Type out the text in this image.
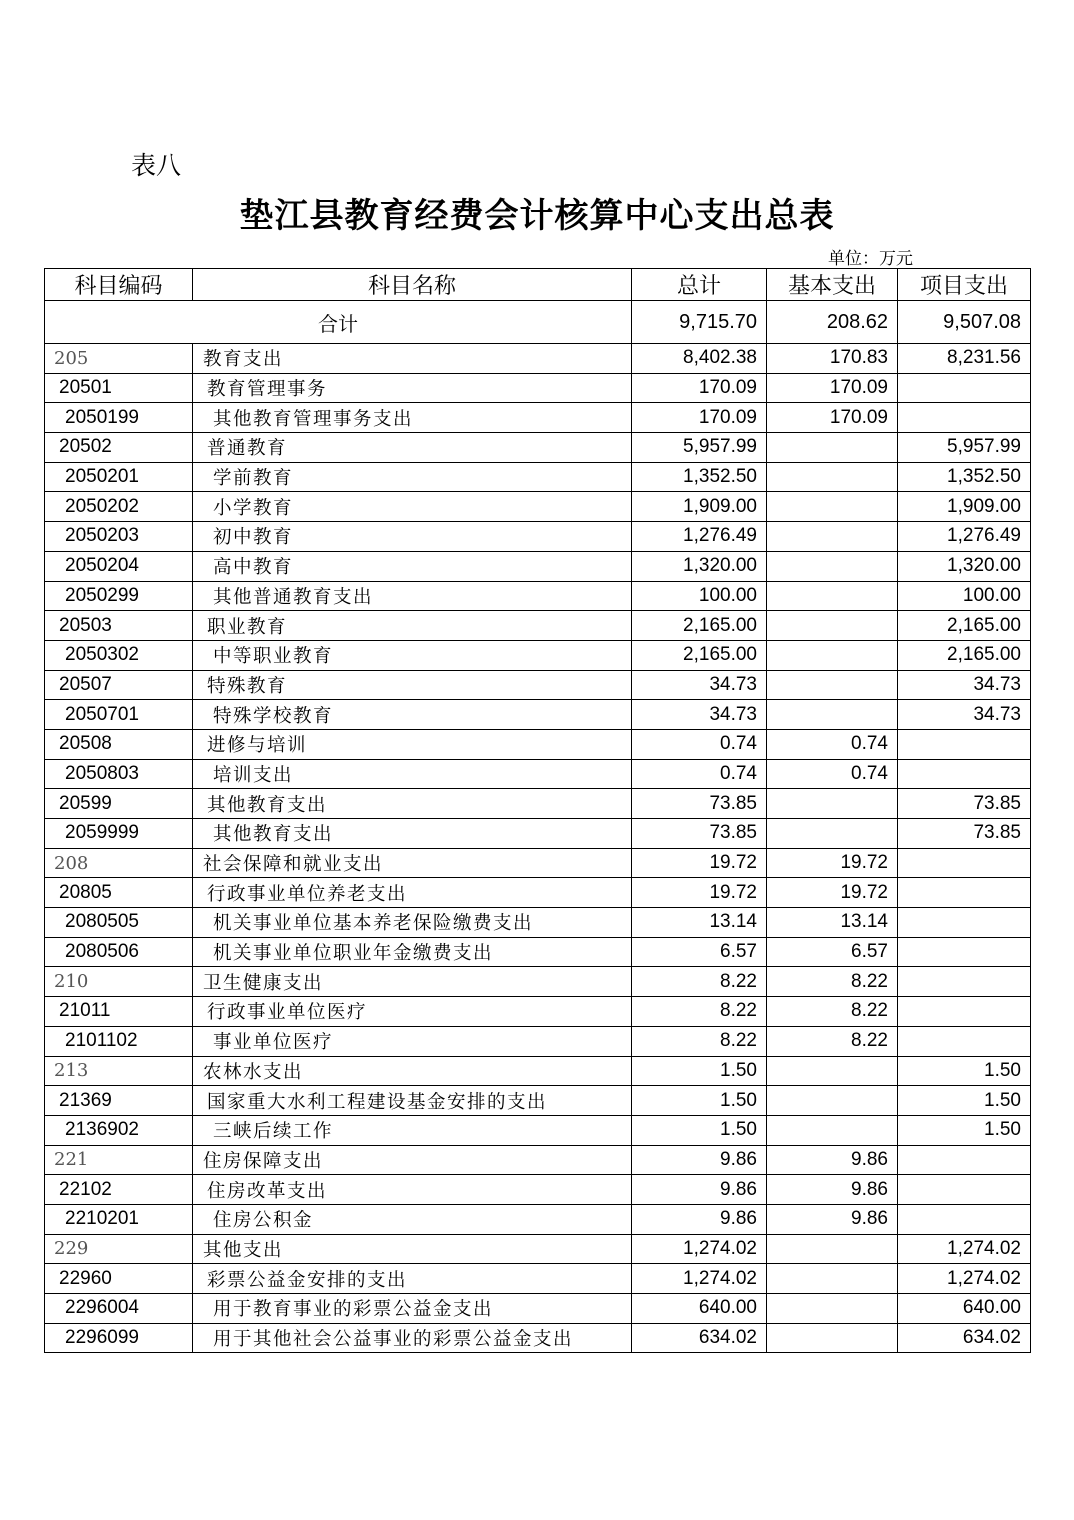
表八
垫江县教育经费会计核算中心支出总表
单位：万元
科目编码	科目名称	总计	基本支出	项目支出
合计		9,715.70	208.62	9,507.08
205	教育支出	8,402.38	170.83	8,231.56
20501	教育管理事务	170.09	170.09	
2050199	其他教育管理事务支出	170.09	170.09	
20502	普通教育	5,957.99		5,957.99
2050201	学前教育	1,352.50		1,352.50
2050202	小学教育	1,909.00		1,909.00
2050203	初中教育	1,276.49		1,276.49
2050204	高中教育	1,320.00		1,320.00
2050299	其他普通教育支出	100.00		100.00
20503	职业教育	2,165.00		2,165.00
2050302	中等职业教育	2,165.00		2,165.00
20507	特殊教育	34.73		34.73
2050701	特殊学校教育	34.73		34.73
20508	进修与培训	0.74	0.74	
2050803	培训支出	0.74	0.74	
20599	其他教育支出	73.85		73.85
2059999	其他教育支出	73.85		73.85
208	社会保障和就业支出	19.72	19.72	
20805	行政事业单位养老支出	19.72	19.72	
2080505	机关事业单位基本养老保险缴费支出	13.14	13.14	
2080506	机关事业单位职业年金缴费支出	6.57	6.57	
210	卫生健康支出	8.22	8.22	
21011	行政事业单位医疗	8.22	8.22	
2101102	事业单位医疗	8.22	8.22	
213	农林水支出	1.50		1.50
21369	国家重大水利工程建设基金安排的支出	1.50		1.50
2136902	三峡后续工作	1.50		1.50
221	住房保障支出	9.86	9.86	
22102	住房改革支出	9.86	9.86	
2210201	住房公积金	9.86	9.86	
229	其他支出	1,274.02		1,274.02
22960	彩票公益金安排的支出	1,274.02		1,274.02
2296004	用于教育事业的彩票公益金支出	640.00		640.00
2296099	用于其他社会公益事业的彩票公益金支出	634.02		634.02
